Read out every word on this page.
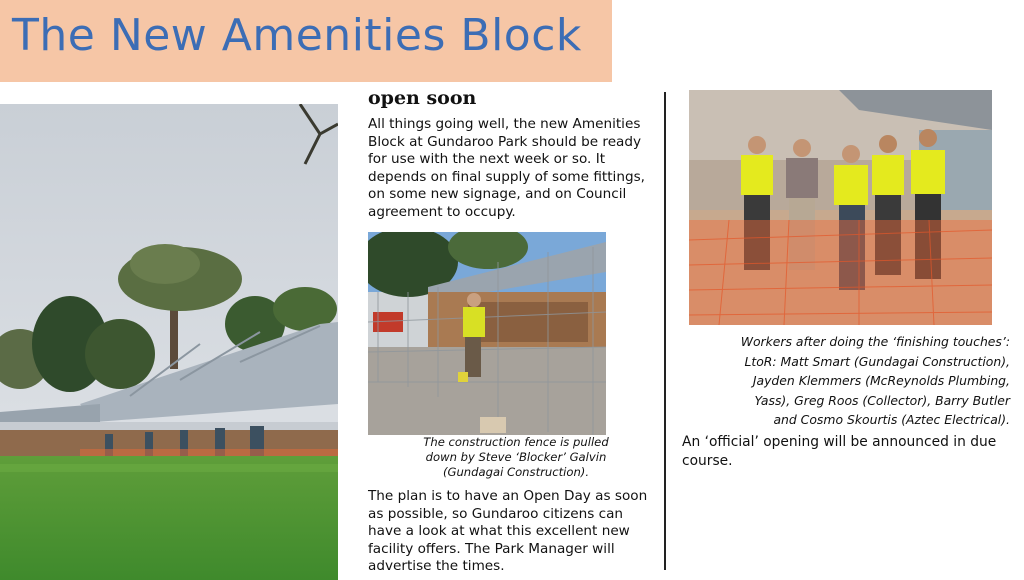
The New Amenities Block
open soon
All things going well, the new Amenities Block at Gundaroo Park should be ready for use with the next week or so. It depends on final supply of some fittings, on some new signage, and on Council agreement to occupy.
The construction fence is pulled
down by Steve ‘Blocker’ Galvin
(Gundagai Construction).
The plan is to have an Open Day as soon as possible, so Gundaroo citizens can have a look at what this excellent new facility offers. The Park Manager will advertise the times.
Workers after doing the ‘finishing touches’:
LtoR: Matt Smart (Gundagai Construction),
Jayden Klemmers (McReynolds Plumbing,
Yass), Greg Roos (Collector), Barry Butler
and Cosmo Skourtis (Aztec Electrical).
An ‘official’ opening will be announced in due course.
